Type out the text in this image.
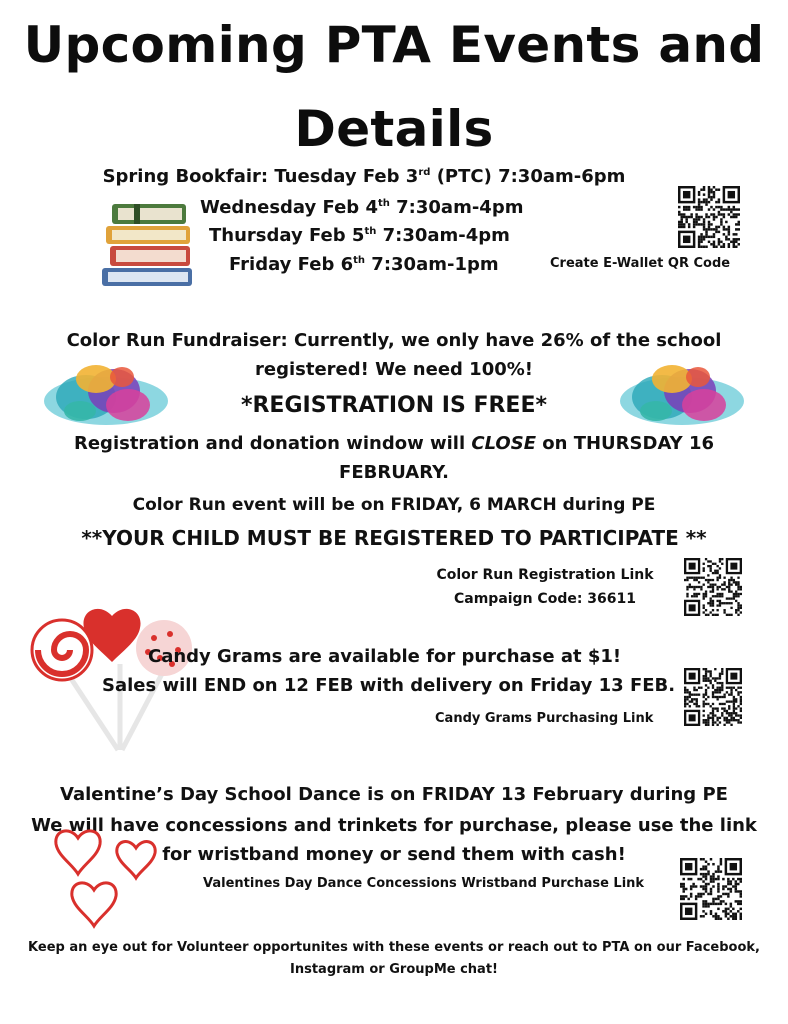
Upcoming PTA Events and
Details
Spring Bookfair: Tuesday Feb 3rd (PTC) 7:30am-6pm
Wednesday Feb 4th 7:30am-4pm
Thursday Feb 5th 7:30am-4pm
Friday Feb 6th 7:30am-1pm	Create E-Wallet QR Code
Color Run Fundraiser: Currently, we only have 26% of the school
registered! We need 100%!
*REGISTRATION IS FREE*
Registration and donation window will CLOSE on THURSDAY 16
FEBRUARY.
Color Run event will be on FRIDAY, 6 MARCH during PE
**YOUR CHILD MUST BE REGISTERED TO PARTICIPATE **
Color Run Registration Link
Campaign Code: 36611
Candy Grams are available for purchase at $1!
Sales will END on 12 FEB with delivery on Friday 13 FEB.
Candy Grams Purchasing Link
Valentine’s Day School Dance is on FRIDAY 13 February during PE
We will have concessions and trinkets for purchase, please use the link
for wristband money or send them with cash!
Valentines Day Dance Concessions Wristband Purchase Link
Keep an eye out for Volunteer opportunites with these events or reach out to PTA on our Facebook,
Instagram or GroupMe chat!
